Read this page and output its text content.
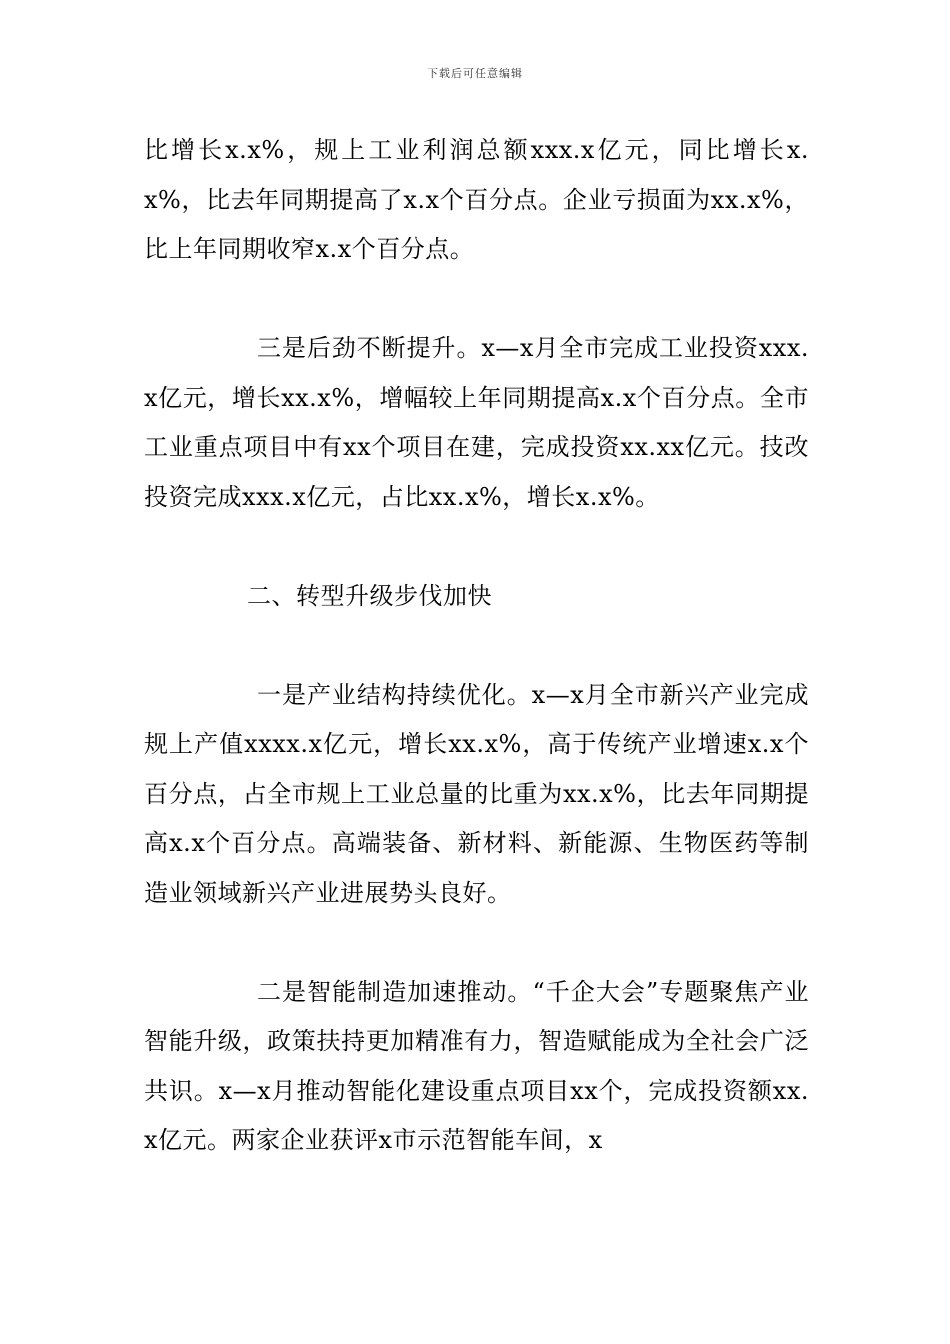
下载后可任意编辑

比增长x.x%，规上工业利润总额xxx.x亿元，同比增长x.x%，比去年同期提高了x.x个百分点。企业亏损面为xx.x%，比上年同期收窄x.x个百分点。

三是后劲不断提升。x—x月全市完成工业投资xxx.x亿元，增长xx.x%，增幅较上年同期提高x.x个百分点。全市工业重点项目中有xx个项目在建，完成投资xx.xx亿元。技改投资完成xxx.x亿元，占比xx.x%，增长x.x%。

二、转型升级步伐加快

一是产业结构持续优化。x—x月全市新兴产业完成规上产值xxxx.x亿元，增长xx.x%，高于传统产业增速x.x个百分点，占全市规上工业总量的比重为xx.x%，比去年同期提高x.x个百分点。高端装备、新材料、新能源、生物医药等制造业领域新兴产业进展势头良好。

二是智能制造加速推动。“千企大会”专题聚焦产业智能升级，政策扶持更加精准有力，智造赋能成为全社会广泛共识。x—x月推动智能化建设重点项目xx个，完成投资额xx.x亿元。两家企业获评x市示范智能车间，x
